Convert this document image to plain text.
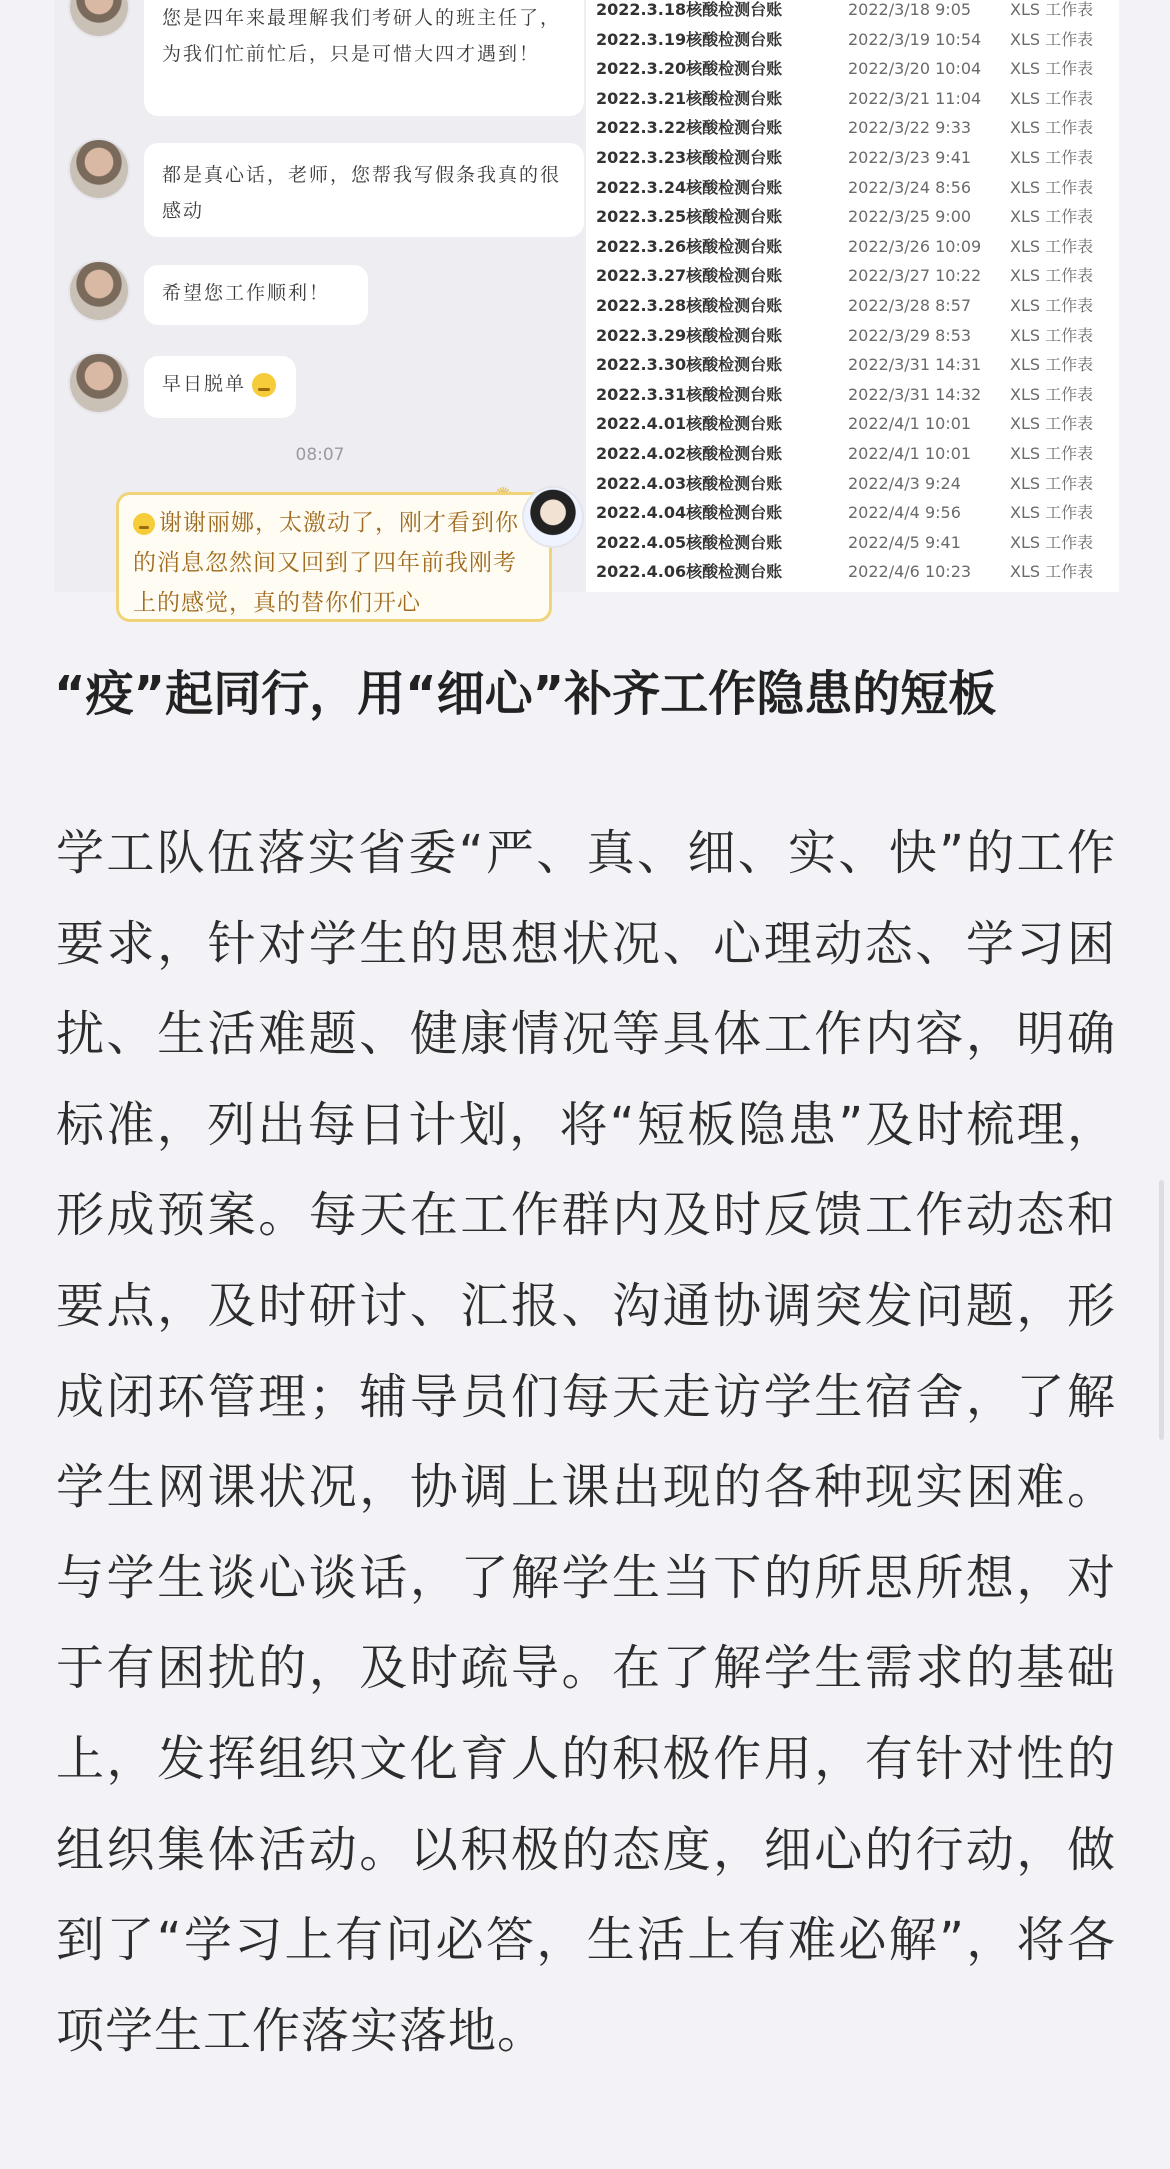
您是四年来最理解我们考研人的班主任了，为我们忙前忙后，只是可惜大四才遇到！
都是真心话，老师，您帮我写假条我真的很感动
希望您工作顺利！
早日脱单
08:07
谢谢丽娜，太激动了，刚才看到你的消息忽然间又回到了四年前我刚考上的感觉，真的替你们开心
2022.3.18核酸检测台账	2022/3/18 9:05 XLS 工作表
2022.3.19核酸检测台账	2022/3/19 10:54 XLS 工作表
2022.3.20核酸检测台账	2022/3/20 10:04 XLS 工作表
2022.3.21核酸检测台账	2022/3/21 11:04 XLS 工作表
2022.3.22核酸检测台账	2022/3/22 9:33 XLS 工作表
2022.3.23核酸检测台账	2022/3/23 9:41 XLS 工作表
2022.3.24核酸检测台账	2022/3/24 8:56 XLS 工作表
2022.3.25核酸检测台账	2022/3/25 9:00 XLS 工作表
2022.3.26核酸检测台账	2022/3/26 10:09 XLS 工作表
2022.3.27核酸检测台账	2022/3/27 10:22 XLS 工作表
2022.3.28核酸检测台账	2022/3/28 8:57 XLS 工作表
2022.3.29核酸检测台账	2022/3/29 8:53 XLS 工作表
2022.3.30核酸检测台账	2022/3/31 14:31 XLS 工作表
2022.3.31核酸检测台账	2022/3/31 14:32 XLS 工作表
2022.4.01核酸检测台账	2022/4/1 10:01 XLS 工作表
2022.4.02核酸检测台账	2022/4/1 10:01 XLS 工作表
2022.4.03核酸检测台账	2022/4/3 9:24	XLS 工作表
2022.4.04核酸检测台账	2022/4/4 9:56	XLS 工作表
2022.4.05核酸检测台账	2022/4/5 9:41	XLS 工作表
2022.4.06核酸检测台账	2022/4/6 10:23 XLS 工作表
“疫”起同行，用“细心”补齐工作隐患的短板

学工队伍落实省委“严、真、细、实、快”的工作要求，针对学生的思想状况、心理动态、学习困扰、生活难题、健康情况等具体工作内容，明确标准，列出每日计划，将“短板隐患”及时梳理，形成预案。每天在工作群内及时反馈工作动态和要点，及时研讨、汇报、沟通协调突发问题，形成闭环管理；辅导员们每天走访学生宿舍，了解学生网课状况，协调上课出现的各种现实困难。与学生谈心谈话，了解学生当下的所思所想，对于有困扰的，及时疏导。在了解学生需求的基础上，发挥组织文化育人的积极作用，有针对性的组织集体活动。以积极的态度，细心的行动，做到了“学习上有问必答，生活上有难必解”，将各项学生工作落实落地。
